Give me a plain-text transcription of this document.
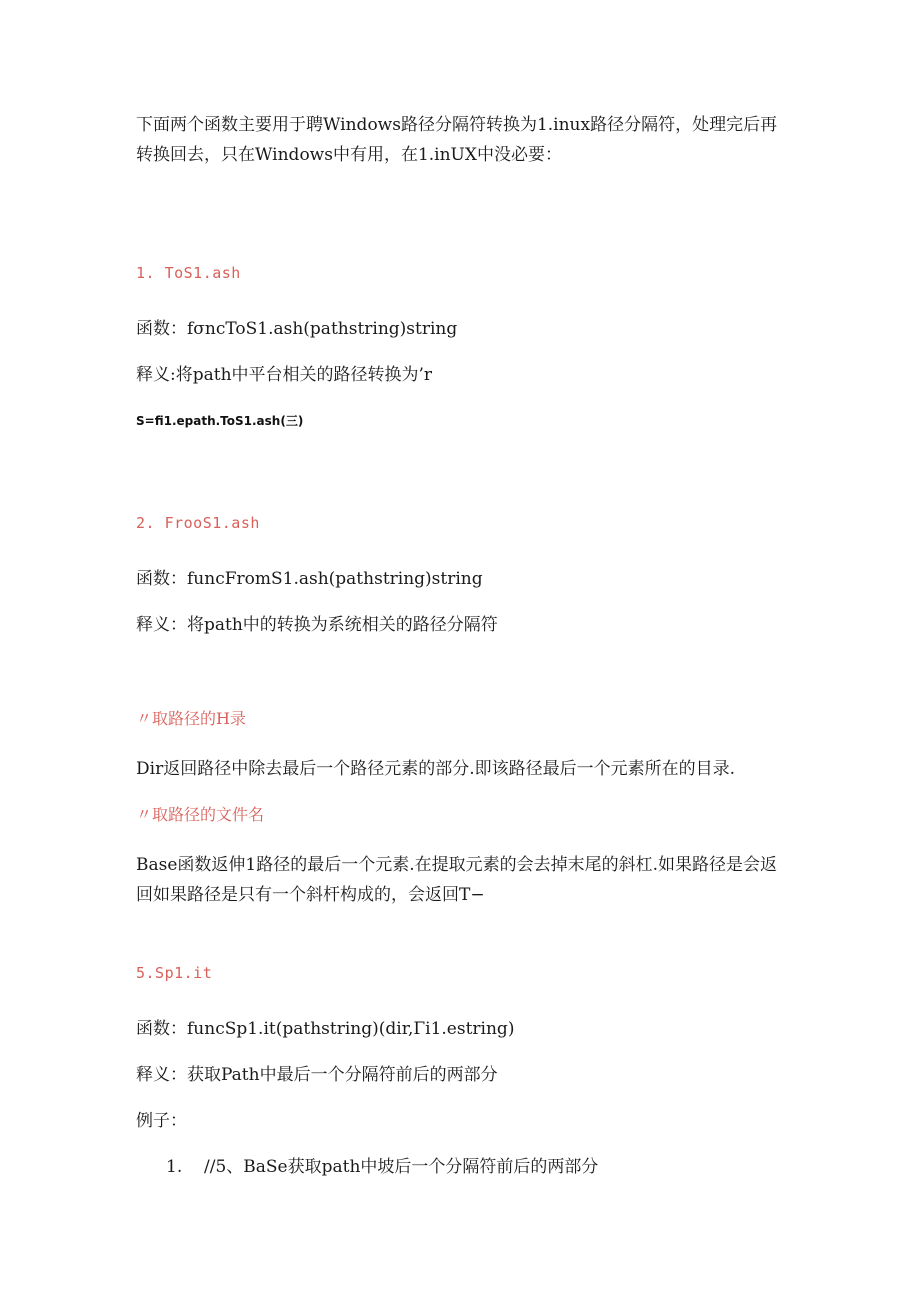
下面两个函数主要用于聘Windows路径分隔符转换为1.inux路径分隔符，处理完后再转换回去，只在Windows中有用，在1.inUX中没必要：

1. ToS1.ash

函数：fσncToS1.ash(pathstring)string

释义:将path中平台相关的路径转换为’r

S=fi1.epath.ToS1.ash(三)

2. FrooS1.ash

函数：funcFromS1.ash(pathstring)string

释义：将path中的转换为系统相关的路径分隔符

〃取路径的H录

Dir返回路径中除去最后一个路径元素的部分.即该路径最后一个元素所在的目录.

〃取路径的文件名

Base函数返伸1路径的最后一个元素.在提取元素的会去掉末尾的斜杠.如果路径是会返回如果路径是只有一个斜杆构成的，会返回T−

5.Sp1.it

函数：funcSp1.it(pathstring)(dir,Γi1.estring)

释义：获取Path中最后一个分隔符前后的两部分

例子：

1. //5、BaSe获取path中坡后一个分隔符前后的两部分
